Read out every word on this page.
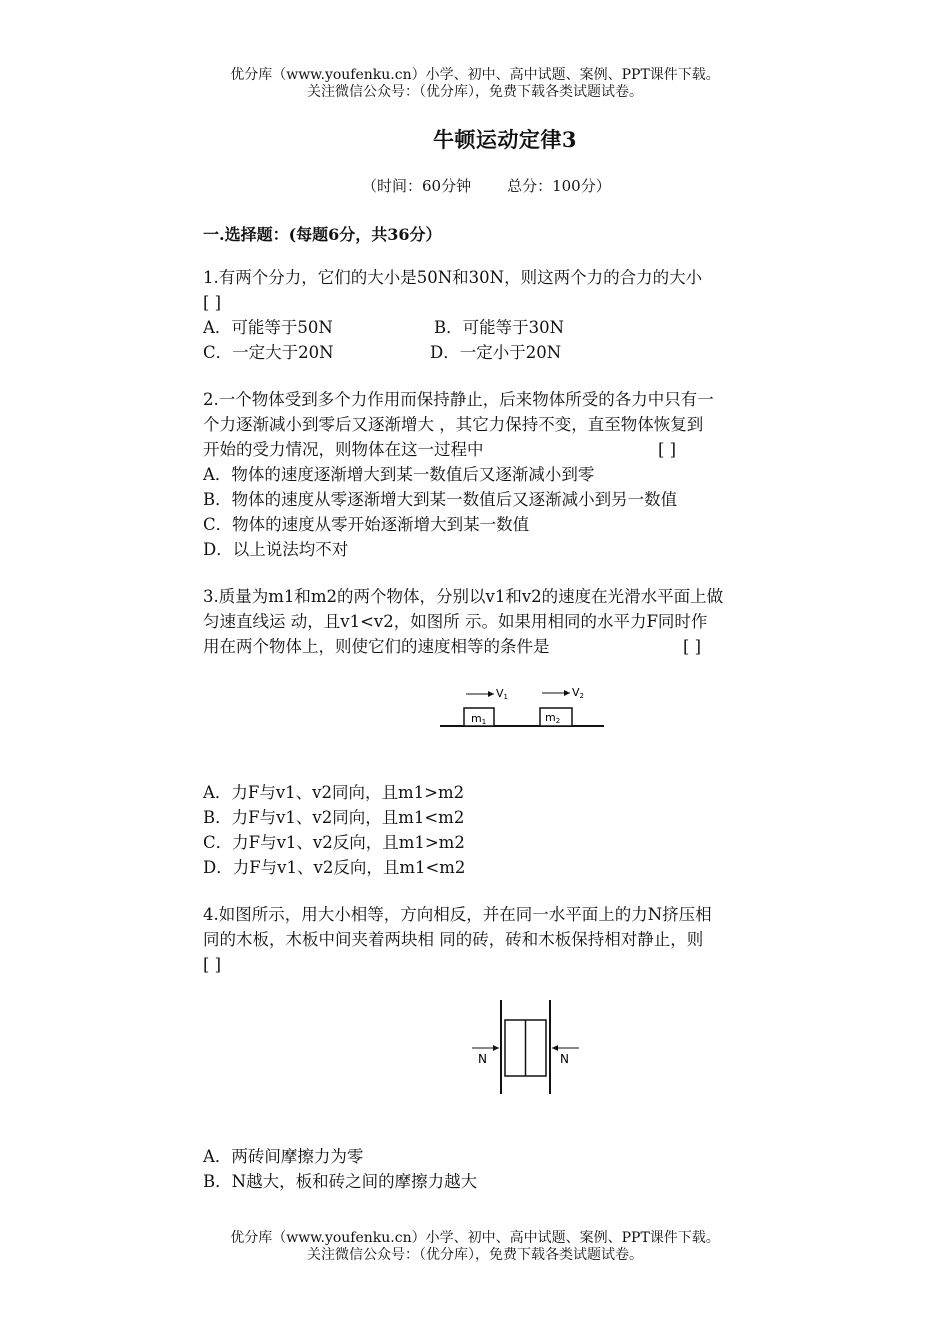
优分库（www.youfenku.cn）小学、初中、高中试题、案例、PPT课件下载。
关注微信公众号：（优分库），免费下载各类试题试卷。
牛顿运动定律3
（时间：60分钟 总分：100分）
一.选择题：(每题6分，共36分）

1.有两个分力，它们的大小是50N和30N，则这两个力的合力的大小

[ ]

A．可能等于50N	B．可能等于30N

C．一定大于20N	D．一定小于20N

2.一个物体受到多个力作用而保持静止，后来物体所受的各力中只有一

个力逐渐减小到零后又逐渐增大 ，其它力保持不变，直至物体恢复到

开始的受力情况，则物体在这一过程中	[ ]

A．物体的速度逐渐增大到某一数值后又逐渐减小到零

B．物体的速度从零逐渐增大到某一数值后又逐渐减小到另一数值

C．物体的速度从零开始逐渐增大到某一数值

D．以上说法均不对

3.质量为m1和m2的两个物体，分别以v1和v2的速度在光滑水平面上做

匀速直线运 动，且v1<v2，如图所 示。如果用相同的水平力F同时作

用在两个物体上，则使它们的速度相等的条件是	[ ]

m1	m2
V1	V2

A．力F与v1、v2同向，且m1>m2

B．力F与v1、v2同向，且m1<m2

C．力F与v1、v2反向，且m1>m2

D．力F与v1、v2反向，且m1<m2

4.如图所示，用大小相等，方向相反，并在同一水平面上的力N挤压相

同的木板，木板中间夹着两块相 同的砖，砖和木板保持相对静止，则

[ ]

N	N

A．两砖间摩擦力为零

B．N越大，板和砖之间的摩擦力越大

优分库（www.youfenku.cn）小学、初中、高中试题、案例、PPT课件下载。
关注微信公众号：（优分库），免费下载各类试题试卷。
